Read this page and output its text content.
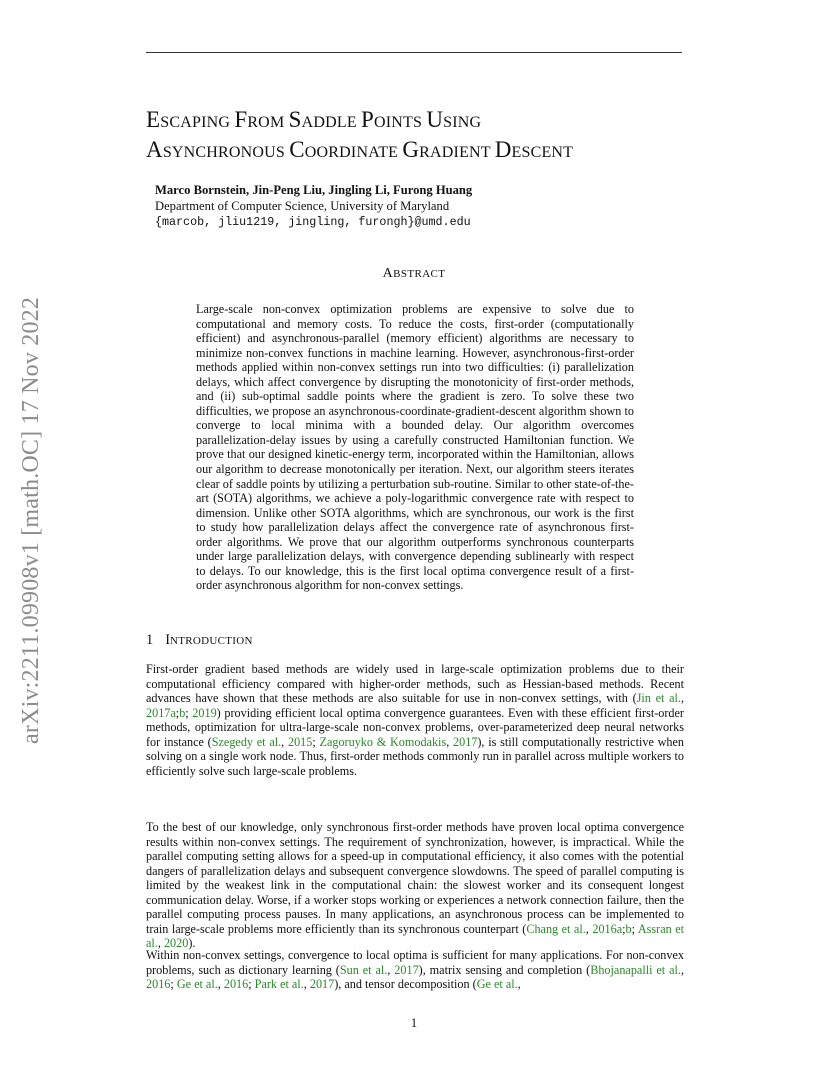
arXiv:2211.09908v1 [math.OC] 17 Nov 2022
ESCAPING FROM SADDLE POINTS USING
ASYNCHRONOUS COORDINATE GRADIENT DESCENT
Marco Bornstein, Jin-Peng Liu, Jingling Li, Furong Huang
Department of Computer Science, University of Maryland
{marcob, jliu1219, jingling, furongh}@umd.edu
ABSTRACT

Large-scale non-convex optimization problems are expensive to solve due to computational and memory costs. To reduce the costs, first-order (computationally efficient) and asynchronous-parallel (memory efficient) algorithms are necessary to minimize non-convex functions in machine learning. However, asynchronous-first-order methods applied within non-convex settings run into two difficulties: (i) parallelization delays, which affect convergence by disrupting the monotonicity of first-order methods, and (ii) sub-optimal saddle points where the gradient is zero. To solve these two difficulties, we propose an asynchronous-coordinate-gradient-descent algorithm shown to converge to local minima with a bounded delay. Our algorithm overcomes parallelization-delay issues by using a carefully constructed Hamiltonian function. We prove that our designed kinetic-energy term, incorporated within the Hamiltonian, allows our algorithm to decrease monotonically per iteration. Next, our algorithm steers iterates clear of saddle points by utilizing a perturbation sub-routine. Similar to other state-of-the-art (SOTA) algorithms, we achieve a poly-logarithmic convergence rate with respect to dimension. Unlike other SOTA algorithms, which are synchronous, our work is the first to study how parallelization delays affect the convergence rate of asynchronous first-order algorithms. We prove that our algorithm outperforms synchronous counterparts under large parallelization delays, with convergence depending sublinearly with respect to delays. To our knowledge, this is the first local optima convergence result of a first-order asynchronous algorithm for non-convex settings.

1 INTRODUCTION

First-order gradient based methods are widely used in large-scale optimization problems due to their computational efficiency compared with higher-order methods, such as Hessian-based methods. Recent advances have shown that these methods are also suitable for use in non-convex settings, with (Jin et al., 2017a;b; 2019) providing efficient local optima convergence guarantees. Even with these efficient first-order methods, optimization for ultra-large-scale non-convex problems, over-parameterized deep neural networks for instance (Szegedy et al., 2015; Zagoruyko & Komodakis, 2017), is still computationally restrictive when solving on a single work node. Thus, first-order methods commonly run in parallel across multiple workers to efficiently solve such large-scale problems.

To the best of our knowledge, only synchronous first-order methods have proven local optima convergence results within non-convex settings. The requirement of synchronization, however, is impractical. While the parallel computing setting allows for a speed-up in computational efficiency, it also comes with the potential dangers of parallelization delays and subsequent convergence slowdowns. The speed of parallel computing is limited by the weakest link in the computational chain: the slowest worker and its consequent longest communication delay. Worse, if a worker stops working or experiences a network connection failure, then the parallel computing process pauses. In many applications, an asynchronous process can be implemented to train large-scale problems more efficiently than its synchronous counterpart (Chang et al., 2016a;b; Assran et al., 2020).

Within non-convex settings, convergence to local optima is sufficient for many applications. For non-convex problems, such as dictionary learning (Sun et al., 2017), matrix sensing and completion (Bhojanapalli et al., 2016; Ge et al., 2016; Park et al., 2017), and tensor decomposition (Ge et al.,

1
